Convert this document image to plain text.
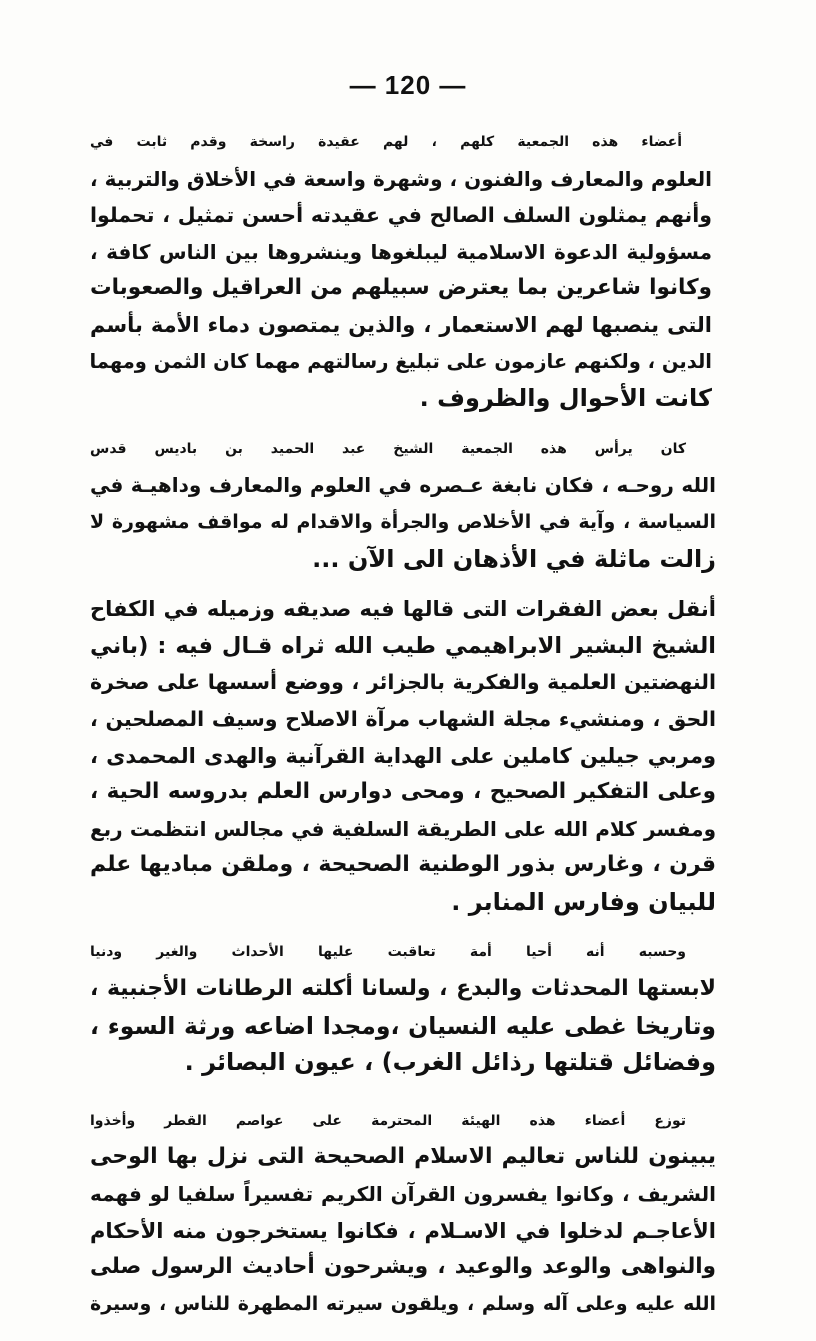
— 120 —
أعضاء هذه الجمعية كلهم ، لهم عقيدة راسخة وقدم ثابت في
العلوم والمعارف والفنون ، وشهرة واسعة في الأخلاق والتربية ،
وأنهم يمثلون السلف الصالح في عقيدته أحسن تمثيل ، تحملوا
مسؤولية الدعوة الاسلامية ليبلغوها وينشروها بين الناس كافة ،
وكانوا شاعرين بما يعترض سبيلهم من العراقيل والصعوبات
التى ينصبها لهم الاستعمار ، والذين يمتصون دماء الأمة بأسم
الدين ، ولكنهم عازمون على تبليغ رسالتهم مهما كان الثمن ومهما
كانت الأحوال والظروف .
كان يرأس هذه الجمعية الشيخ عبد الحميد بن باديس قدس
الله روحـه ، فكان نابغة عـصره في العلوم والمعارف وداهيـة في
السياسة ، وآية في الأخلاص والجرأة والاقدام له مواقف مشهورة لا
زالت ماثلة في الأذهان الى الآن ...
أنقل بعض الفقرات التى قالها فيه صديقه وزميله في الكفاح
الشيخ البشير الابراهيمي طيب الله ثراه قـال فيه : (باني
النهضتين العلمية والفكرية بالجزائر ، ووضع أسسها على صخرة
الحق ، ومنشيء مجلة الشهاب مرآة الاصلاح وسيف المصلحين ،
ومربي جيلين كاملين على الهداية القرآنية والهدى المحمدى ،
وعلى التفكير الصحيح ، ومحى دوارس العلم بدروسه الحية ،
ومفسر كلام الله على الطريقة السلفية في مجالس انتظمت ربع
قرن ، وغارس بذور الوطنية الصحيحة ، وملقن مباديها علم
للبيان وفارس المنابر .
وحسبه أنه أحيا أمة تعاقبت عليها الأحداث والغير ودنيا
لابستها المحدثات والبدع ، ولسانا أكلته الرطانات الأجنبية ،
وتاريخا غطى عليه النسيان ،ومجدا اضاعه ورثة السوء ،
وفضائل قتلتها رذائل الغرب) ، عيون البصائر .
توزع أعضاء هذه الهيئة المحترمة على عواصم القطر وأخذوا
يبينون للناس تعاليم الاسلام الصحيحة التى نزل بها الوحى
الشريف ، وكانوا يفسرون القرآن الكريم تفسيراً سلفيا لو فهمه
الأعاجـم لدخلوا في الاسـلام ، فكانوا يستخرجون منه الأحكام
والنواهى والوعد والوعيد ، ويشرحون أحاديث الرسول صلى
الله عليه وعلى آله وسلم ، ويلقون سيرته المطهرة للناس ، وسيرة
